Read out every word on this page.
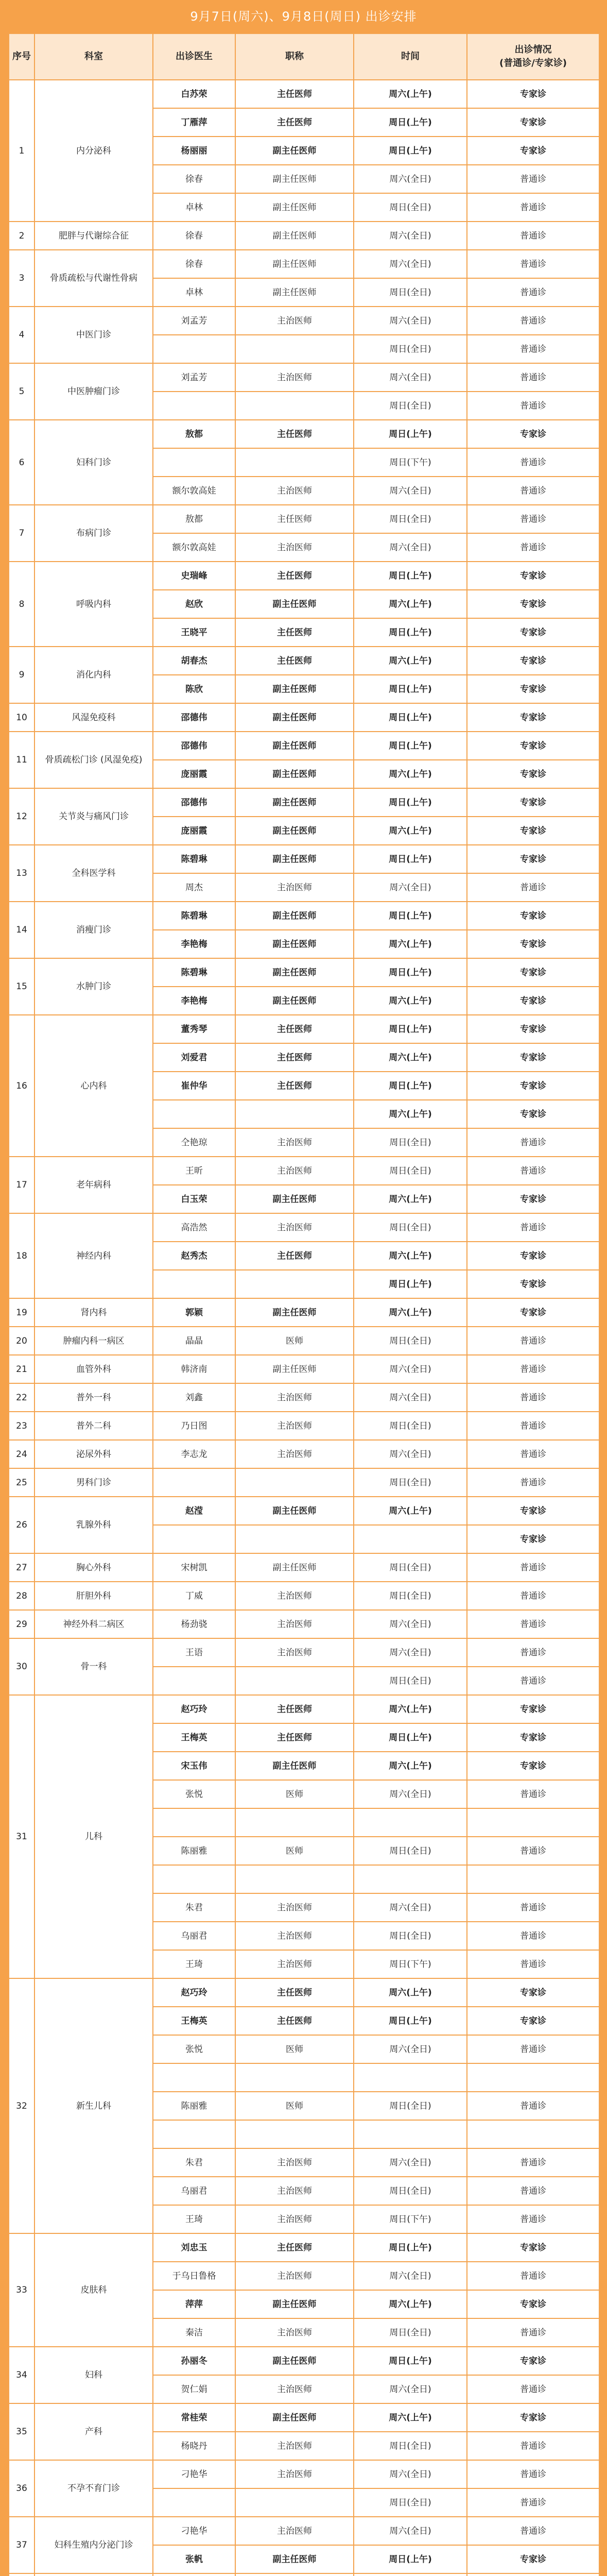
9月7日(周六)、9月8日(周日) 出诊安排
序号	科室	出诊医生	职称	时间	出诊情况
(普通诊/专家诊)
1	内分泌科	白苏荣	主任医师	周六(上午)	专家诊
		丁雁萍	主任医师	周日(上午)	专家诊
		杨丽丽	副主任医师	周日(上午)	专家诊
		徐春	副主任医师	周六(全日)	普通诊
		卓林	副主任医师	周日(全日)	普通诊
2	肥胖与代谢综合征	徐春	副主任医师	周六(全日)	普通诊
3	骨质疏松与代谢性骨病	徐春	副主任医师	周六(全日)	普通诊
		卓林	副主任医师	周日(全日)	普通诊
4	中医门诊	刘孟芳	主治医师	周六(全日)	普通诊
				周日(全日)	普通诊
5	中医肿瘤门诊	刘孟芳	主治医师	周六(全日)	普通诊
				周日(全日)	普通诊
6	妇科门诊	敖都	主任医师	周日(上午)	专家诊
				周日(下午)	普通诊
		额尔敦高娃	主治医师	周六(全日)	普通诊
7	布病门诊	敖都	主任医师	周日(全日)	普通诊
		额尔敦高娃	主治医师	周六(全日)	普通诊
8	呼吸内科	史瑞峰	主任医师	周日(上午)	专家诊
		赵欣	副主任医师	周六(上午)	专家诊
		王晓平	主任医师	周日(上午)	专家诊
9	消化内科	胡春杰	主任医师	周六(上午)	专家诊
		陈欣	副主任医师	周日(上午)	专家诊
10	风湿免疫科	邵德伟	副主任医师	周日(上午)	专家诊
11	骨质疏松门诊 (风湿免疫)	邵德伟	副主任医师	周日(上午)	专家诊
		庞丽霞	副主任医师	周六(上午)	专家诊
12	关节炎与痛风门诊	邵德伟	副主任医师	周日(上午)	专家诊
		庞丽霞	副主任医师	周六(上午)	专家诊
13	全科医学科	陈碧琳	副主任医师	周日(上午)	专家诊
		周杰	主治医师	周六(全日)	普通诊
14	消瘦门诊	陈碧琳	副主任医师	周日(上午)	专家诊
		李艳梅	副主任医师	周六(上午)	专家诊
15	水肿门诊	陈碧琳	副主任医师	周日(上午)	专家诊
		李艳梅	副主任医师	周六(上午)	专家诊
16	心内科	董秀琴	主任医师	周日(上午)	专家诊
		刘爱君	主任医师	周六(上午)	专家诊
		崔仲华	主任医师	周日(上午)	专家诊
				周六(上午)	专家诊
		仝艳琼	主治医师	周日(全日)	普通诊
17	老年病科	王昕	主治医师	周日(全日)	普通诊
		白玉荣	副主任医师	周六(上午)	专家诊
18	神经内科	高浩然	主治医师	周日(全日)	普通诊
		赵秀杰	主任医师	周六(上午)	专家诊
				周日(上午)	专家诊
19	肾内科	郭颖	副主任医师	周六(上午)	专家诊
20	肿瘤内科一病区	晶晶	医师	周日(全日)	普通诊
21	血管外科	韩济南	副主任医师	周六(全日)	普通诊
22	普外一科	刘鑫	主治医师	周六(全日)	普通诊
23	普外二科	乃日图	主治医师	周日(全日)	普通诊
24	泌尿外科	李志龙	主治医师	周六(全日)	普通诊
25	男科门诊			周日(全日)	普通诊
26	乳腺外科	赵滢	副主任医师	周六(上午)	专家诊
					专家诊
27	胸心外科	宋树凯	副主任医师	周日(全日)	普通诊
28	肝胆外科	丁威	主治医师	周日(全日)	普通诊
29	神经外科二病区	杨劲骁	主治医师	周六(全日)	普通诊
30	骨一科	王语	主治医师	周六(全日)	普通诊
				周日(全日)	普通诊
31	儿科	赵巧玲	主任医师	周六(上午)	专家诊
		王梅英	主任医师	周日(上午)	专家诊
		宋玉伟	副主任医师	周六(上午)	专家诊
		张悦	医师	周六(全日)	普通诊

		陈丽雅	医师	周日(全日)	普通诊

		朱君	主治医师	周六(全日)	普通诊
		乌丽君	主治医师	周日(全日)	普通诊
		王琦	主治医师	周日(下午)	普通诊
32	新生儿科	赵巧玲	主任医师	周六(上午)	专家诊
		王梅英	主任医师	周日(上午)	专家诊
		张悦	医师	周六(全日)	普通诊

		陈丽雅	医师	周日(全日)	普通诊

		朱君	主治医师	周六(全日)	普通诊
		乌丽君	主治医师	周日(全日)	普通诊
		王琦	主治医师	周日(下午)	普通诊
33	皮肤科	刘忠玉	主任医师	周日(上午)	专家诊
		于乌日鲁格	主治医师	周六(全日)	普通诊
		萍萍	副主任医师	周六(上午)	专家诊
		秦洁	主治医师	周日(全日)	普通诊
34	妇科	孙丽冬	副主任医师	周日(上午)	专家诊
		贺仁娟	主治医师	周六(全日)	普通诊
35	产科	常桂荣	副主任医师	周六(上午)	专家诊
		杨晓丹	主治医师	周日(全日)	普通诊
36	不孕不育门诊	刁艳华	主治医师	周六(全日)	普通诊
				周日(全日)	普通诊
37	妇科生殖内分泌门诊	刁艳华	主治医师	周六(全日)	普通诊
		张帆	副主任医师	周日(上午)	专家诊
